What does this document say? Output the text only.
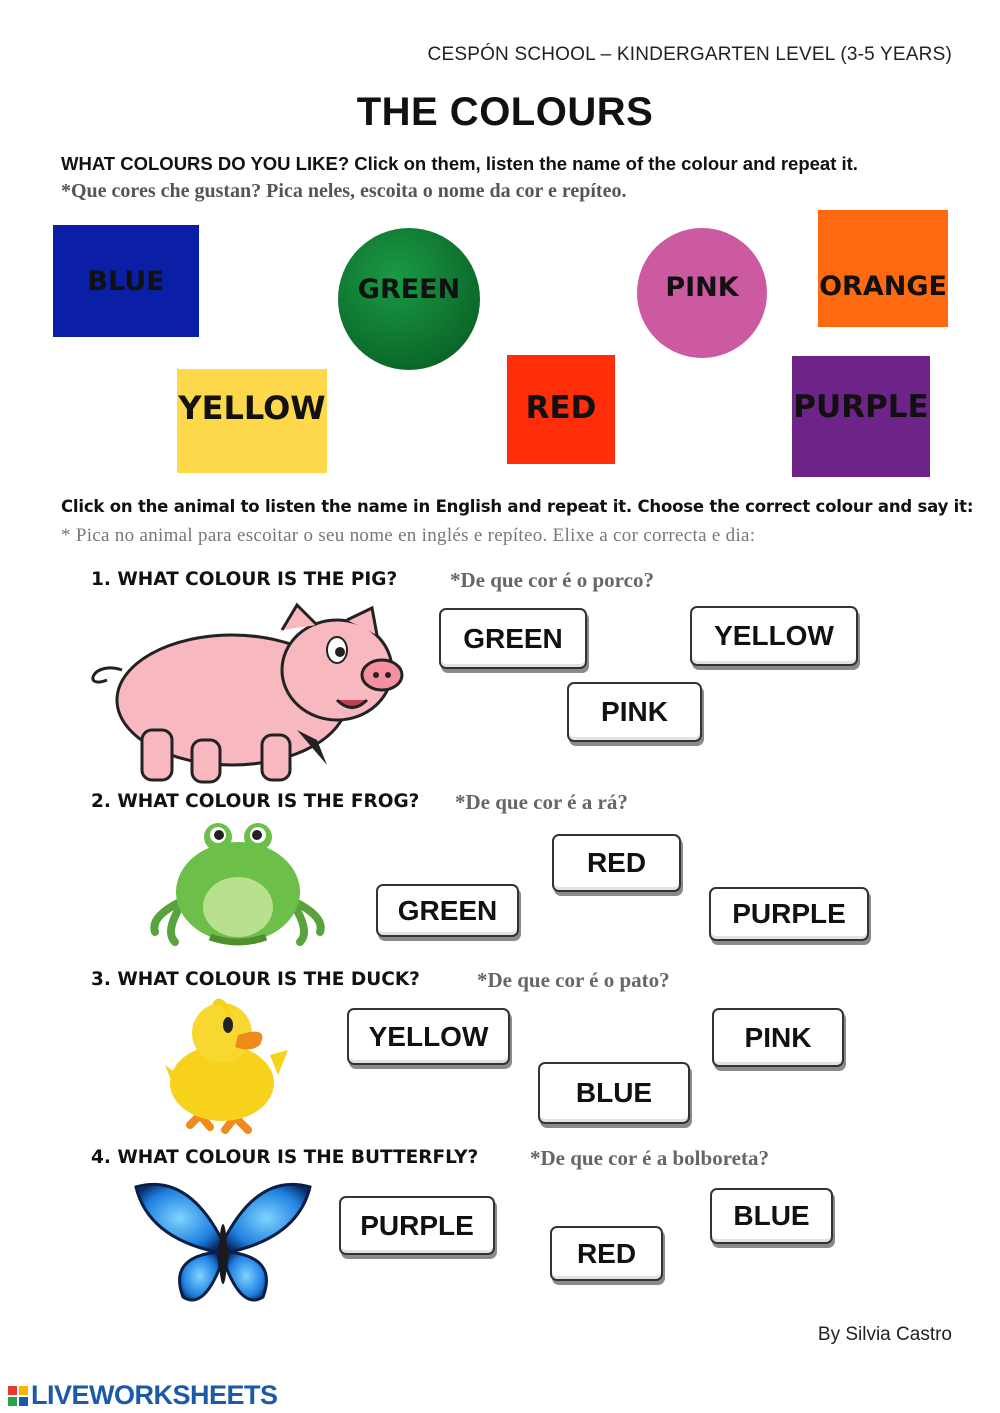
CESPÓN SCHOOL – KINDERGARTEN LEVEL (3-5 YEARS)
THE COLOURS
WHAT COLOURS DO YOU LIKE? Click on them, listen the name of the colour and repeat it.
*Que cores che gustan? Pica neles, escoita o nome da cor e repíteo.
BLUE	GREEN	PINK	ORANGE
YELLOW	RED	PURPLE
Click on the animal to listen the name in English and repeat it. Choose the correct colour and say it:
* Pica no animal para escoitar o seu nome en inglés e repíteo. Elixe a cor correcta e dia:
1. WHAT COLOUR IS THE PIG?	*De que cor é o porco?
GREEN	YELLOW
PINK
2. WHAT COLOUR IS THE FROG? *De que cor é a rá?
RED
GREEN	PURPLE
3. WHAT COLOUR IS THE DUCK?	*De que cor é o pato?
YELLOW	PINK
BLUE
4. WHAT COLOUR IS THE BUTTERFLY? *De que cor é a bolboreta?
PURPLE	BLUE
RED
By Silvia Castro
LIVEWORKSHEETS
